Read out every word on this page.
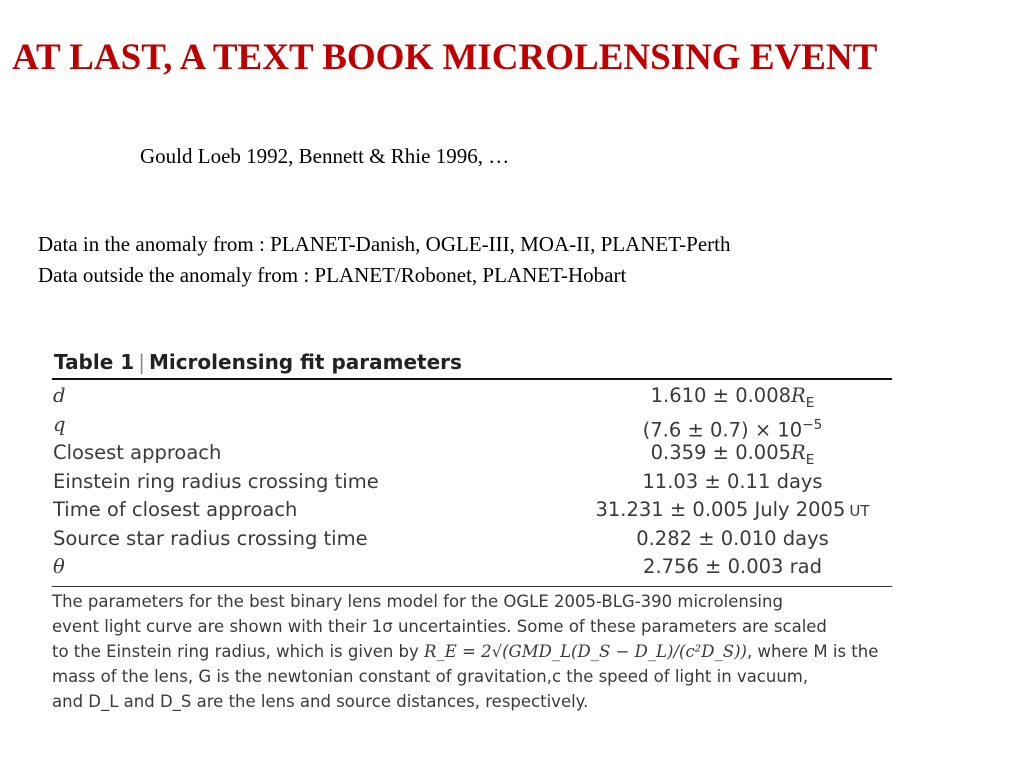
AT LAST, A TEXT BOOK MICROLENSING EVENT
Gould Loeb 1992, Bennett & Rhie 1996, …
Data in the anomaly from : PLANET-Danish, OGLE-III, MOA-II, PLANET-Perth
Data outside the anomaly from : PLANET/Robonet, PLANET-Hobart
Table 1 | Microlensing fit parameters
d	$1.610 \pm 0.008R_E$
q	$(7.6 \pm 0.7) \times 10^{-5}$
Closest approach	$0.359 \pm 0.005R_E$
Einstein ring radius crossing time	11.03 ± 0.11 days
Time of closest approach	31.231 ± 0.005 July 2005 UT
Source star radius crossing time	0.282 ± 0.010 days
θ	2.756 ± 0.003 rad
The parameters for the best binary lens model for the OGLE 2005-BLG-390 microlensing
event light curve are shown with their 1σ uncertainties. Some of these parameters are scaled
to the Einstein ring radius, which is given by R_E = 2√(GMD_L(D_S − D_L)/(c²D_S)), where M is the
mass of the lens, G is the newtonian constant of gravitation,c the speed of light in vacuum,
and D_L and D_S are the lens and source distances, respectively.
